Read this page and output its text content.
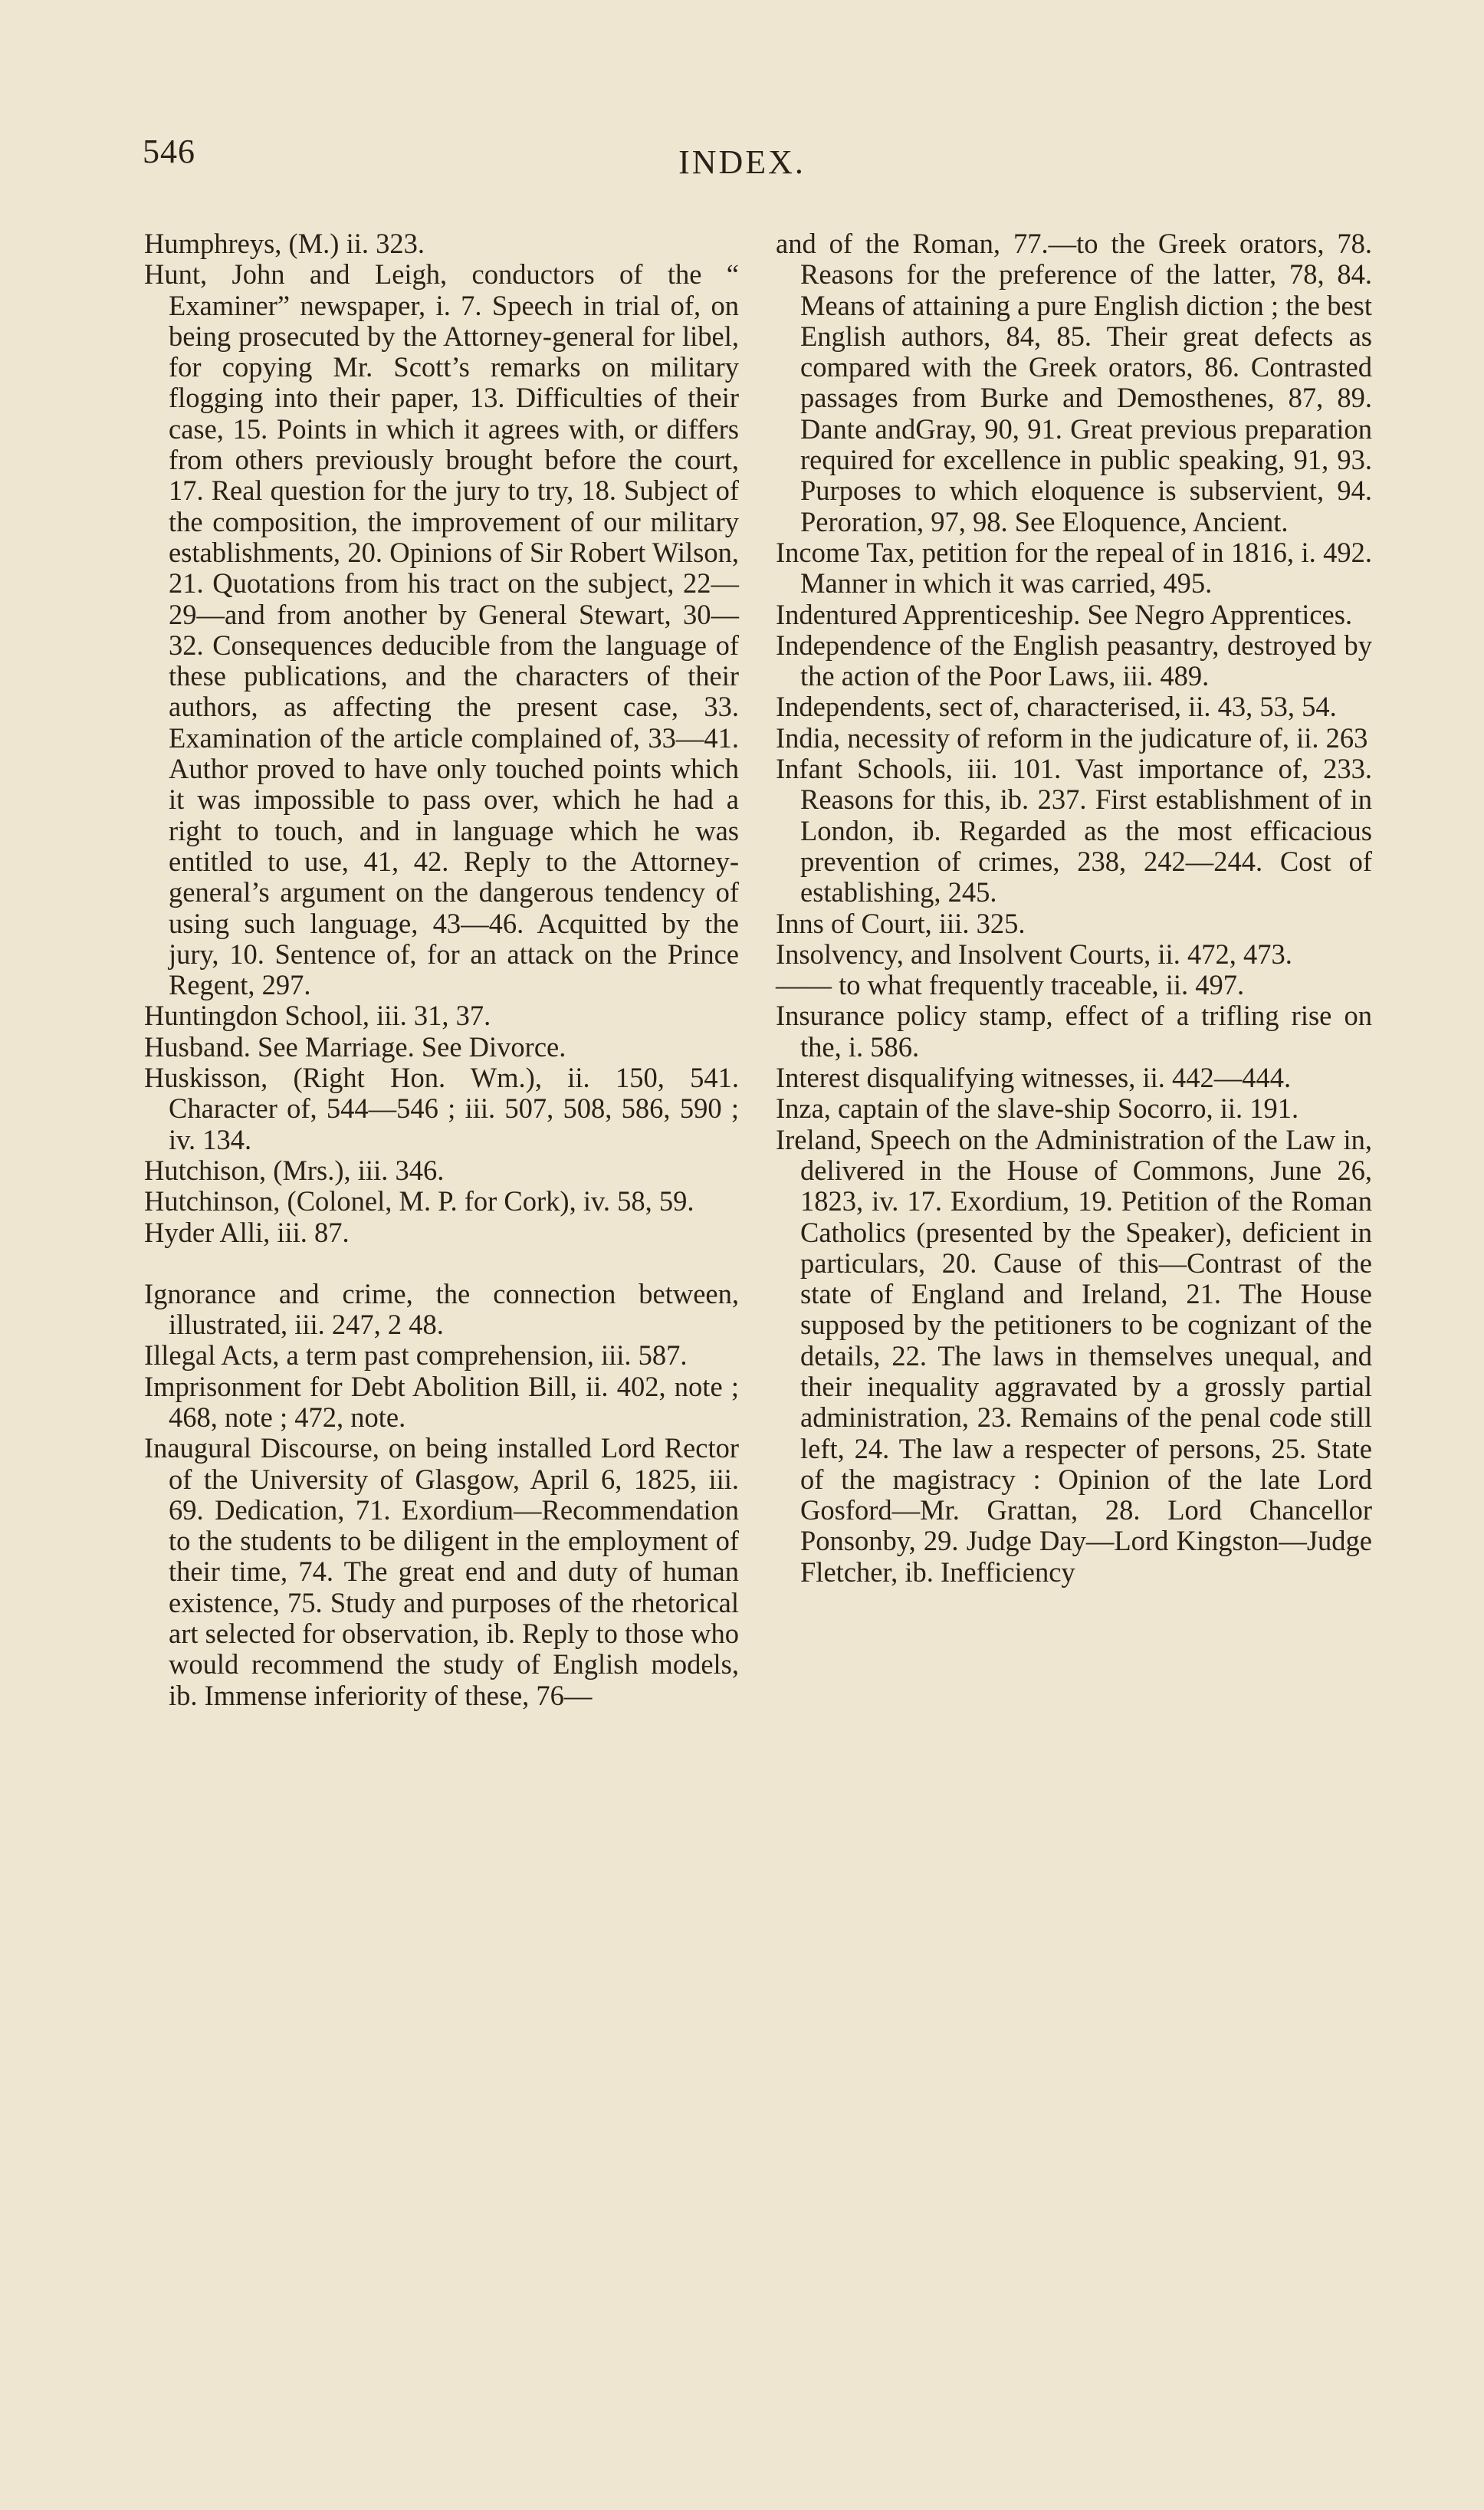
546	INDEX.

Humphreys, (M.) ii. 323.

Hunt, John and Leigh, conductors of the “ Examiner” newspaper, i. 7. Speech in trial of, on being prosecuted by the Attorney-general for libel, for copying Mr. Scott’s remarks on military flogging into their paper, 13. Difficulties of their case, 15. Points in which it agrees with, or differs from others previously brought before the court, 17. Real question for the jury to try, 18. Subject of the composition, the improvement of our military establishments, 20. Opinions of Sir Robert Wilson, 21. Quotations from his tract on the subject, 22—29—and from another by General Stewart, 30—32. Consequences deducible from the language of these publications, and the characters of their authors, as affecting the present case, 33. Examination of the article complained of, 33—41. Author proved to have only touched points which it was impossible to pass over, which he had a right to touch, and in language which he was entitled to use, 41, 42. Reply to the Attorney-general’s argument on the dangerous tendency of using such language, 43—46. Acquitted by the jury, 10. Sentence of, for an attack on the Prince Regent, 297.

Huntingdon School, iii. 31, 37.

Husband. See Marriage. See Divorce.

Huskisson, (Right Hon. Wm.), ii. 150, 541. Character of, 544—546 ; iii. 507, 508, 586, 590 ; iv. 134.

Hutchison, (Mrs.), iii. 346.

Hutchinson, (Colonel, M. P. for Cork), iv. 58, 59.

Hyder Alli, iii. 87.

Ignorance and crime, the connection between, illustrated, iii. 247, 2 48.

Illegal Acts, a term past comprehension, iii. 587.

Imprisonment for Debt Abolition Bill, ii. 402, note ; 468, note ; 472, note.

Inaugural Discourse, on being installed Lord Rector of the University of Glasgow, April 6, 1825, iii. 69. Dedication, 71. Exordium—Recommendation to the students to be diligent in the employment of their time, 74. The great end and duty of human existence, 75. Study and purposes of the rhetorical art selected for observation, ib. Reply to those who would recommend the study of English models, ib. Immense inferiority of these, 76—

and of the Roman, 77.—to the Greek orators, 78. Reasons for the preference of the latter, 78, 84. Means of attaining a pure English diction ; the best English authors, 84, 85. Their great defects as compared with the Greek orators, 86. Contrasted passages from Burke and Demosthenes, 87, 89. Dante andGray, 90, 91. Great previous preparation required for excellence in public speaking, 91, 93. Purposes to which eloquence is subservient, 94. Peroration, 97, 98. See Eloquence, Ancient.

Income Tax, petition for the repeal of in 1816, i. 492. Manner in which it was carried, 495.

Indentured Apprenticeship. See Negro Apprentices.

Independence of the English peasantry, destroyed by the action of the Poor Laws, iii. 489.

Independents, sect of, characterised, ii. 43, 53, 54.

India, necessity of reform in the judicature of, ii. 263

Infant Schools, iii. 101. Vast importance of, 233. Reasons for this, ib. 237. First establishment of in London, ib. Regarded as the most efficacious prevention of crimes, 238, 242—244. Cost of establishing, 245.

Inns of Court, iii. 325.

Insolvency, and Insolvent Courts, ii. 472, 473.

—— to what frequently traceable, ii. 497.

Insurance policy stamp, effect of a trifling rise on the, i. 586.

Interest disqualifying witnesses, ii. 442—444.

Inza, captain of the slave-ship Socorro, ii. 191.

Ireland, Speech on the Administration of the Law in, delivered in the House of Commons, June 26, 1823, iv. 17. Exordium, 19. Petition of the Roman Catholics (presented by the Speaker), deficient in particulars, 20. Cause of this—Contrast of the state of England and Ireland, 21. The House supposed by the petitioners to be cognizant of the details, 22. The laws in themselves unequal, and their inequality aggravated by a grossly partial administration, 23. Remains of the penal code still left, 24. The law a respecter of persons, 25. State of the magistracy : Opinion of the late Lord Gosford—Mr. Grattan, 28. Lord Chancellor Ponsonby, 29. Judge Day—Lord Kingston—Judge Fletcher, ib. Inefficiency
